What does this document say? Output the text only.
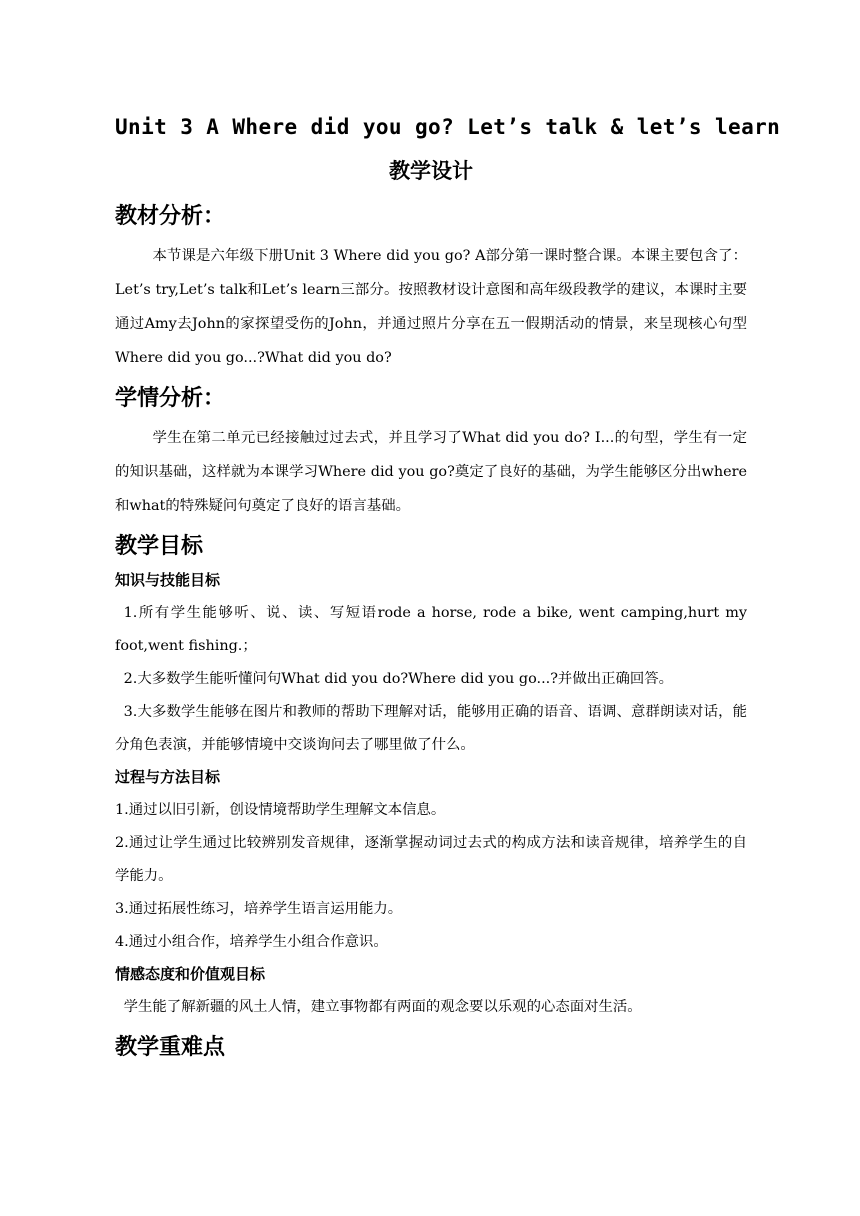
Unit 3 A Where did you go? Let’s talk & let’s learn
教学设计
教材分析：

本节课是六年级下册Unit 3 Where did you go? A部分第一课时整合课。本课主要包含了：Let’s try,Let’s talk和Let’s learn三部分。按照教材设计意图和高年级段教学的建议，本课时主要通过Amy去John的家探望受伤的John，并通过照片分享在五一假期活动的情景，来呈现核心句型Where did you go...?What did you do?

学情分析：

学生在第二单元已经接触过过去式，并且学习了What did you do? I...的句型，学生有一定的知识基础，这样就为本课学习Where did you go?奠定了良好的基础，为学生能够区分出where和what的特殊疑问句奠定了良好的语言基础。

教学目标
知识与技能目标

1.所有学生能够听、说、读、写短语rode a horse, rode a bike, went camping,hurt my foot,went fishing.；

2.大多数学生能听懂问句What did you do?Where did you go...?并做出正确回答。

3.大多数学生能够在图片和教师的帮助下理解对话，能够用正确的语音、语调、意群朗读对话，能分角色表演，并能够情境中交谈询问去了哪里做了什么。

过程与方法目标

1.通过以旧引新，创设情境帮助学生理解文本信息。

2.通过让学生通过比较辨别发音规律，逐渐掌握动词过去式的构成方法和读音规律，培养学生的自学能力。

3.通过拓展性练习，培养学生语言运用能力。

4.通过小组合作，培养学生小组合作意识。

情感态度和价值观目标

学生能了解新疆的风土人情，建立事物都有两面的观念要以乐观的心态面对生活。

教学重难点
